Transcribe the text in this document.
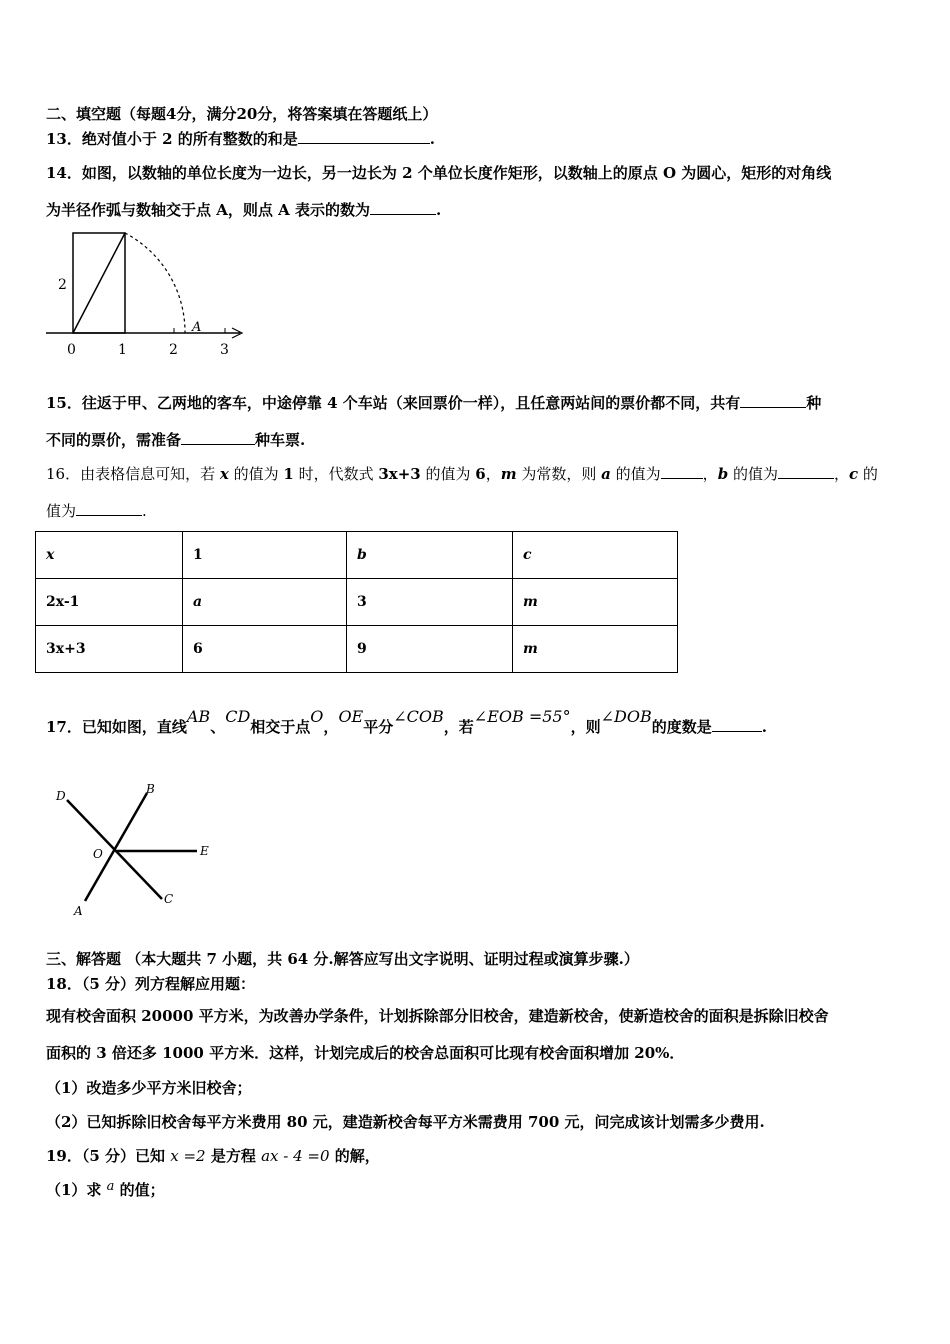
二、填空题（每题4分，满分20分，将答案填在答题纸上）
13．绝对值小于 2 的所有整数的和是	.
14．如图，以数轴的单位长度为一边长，另一边长为 2 个单位长度作矩形，以数轴上的原点 O 为圆心，矩形的对角线
为半径作弧与数轴交于点 A，则点 A 表示的数为	.
2
0	1	2	3
A
15．往返于甲、乙两地的客车，中途停靠 4 个车站（来回票价一样），且任意两站间的票价都不同，共有	种
不同的票价，需准备	种车票.
16．由表格信息可知，若 x 的值为 1 时，代数式 3x+3 的值为 6，m 为常数，则 a 的值为	，b 的值为	，c 的
值为	.
x	1	b	c
2x-1	a	3	m
3x+3	6	9	m
17．已知如图，直线AB、CD相交于点O，OE平分∠COB，若∠EOB =55°，则∠DOB的度数是	.
D	B
O	E
A
C
三、解答题 （本大题共 7 小题，共 64 分.解答应写出文字说明、证明过程或演算步骤.）
18．（5 分）列方程解应用题：
现有校舍面积 20000 平方米，为改善办学条件，计划拆除部分旧校舍，建造新校舍，使新造校舍的面积是拆除旧校舍
面积的 3 倍还多 1000 平方米．这样，计划完成后的校舍总面积可比现有校舍面积增加 20%．
（1）改造多少平方米旧校舍；
（2）已知拆除旧校舍每平方米费用 80 元，建造新校舍每平方米需费用 700 元，问完成该计划需多少费用.
19．（5 分）已知 x =2 是方程 ax - 4 =0 的解，
（1）求 a 的值；
